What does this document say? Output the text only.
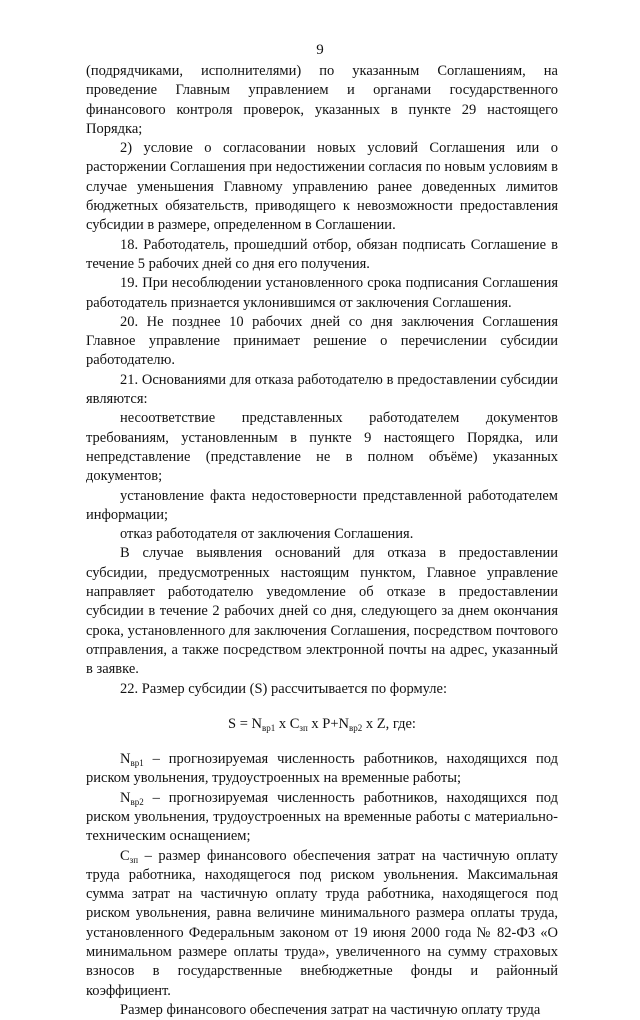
9

(подрядчиками, исполнителями) по указанным Соглашениям, на проведение Главным управлением и органами государственного финансового контроля проверок, указанных в пункте 29 настоящего Порядка;

2) условие о согласовании новых условий Соглашения или о расторжении Соглашения при недостижении согласия по новым условиям в случае уменьшения Главному управлению ранее доведенных лимитов бюджетных обязательств, приводящего к невозможности предоставления субсидии в размере, определенном в Соглашении.

18. Работодатель, прошедший отбор, обязан подписать Соглашение в течение 5 рабочих дней со дня его получения.

19. При несоблюдении установленного срока подписания Соглашения работодатель признается уклонившимся от заключения Соглашения.

20. Не позднее 10 рабочих дней со дня заключения Соглашения Главное управление принимает решение о перечислении субсидии работодателю.

21. Основаниями для отказа работодателю в предоставлении субсидии являются:

несоответствие представленных работодателем документов требованиям, установленным в пункте 9 настоящего Порядка, или непредставление (представление не в полном объёме) указанных документов;

установление факта недостоверности представленной работодателем информации;

отказ работодателя от заключения Соглашения.

В случае выявления оснований для отказа в предоставлении субсидии, предусмотренных настоящим пунктом, Главное управление направляет работодателю уведомление об отказе в предоставлении субсидии в течение 2 рабочих дней со дня, следующего за днем окончания срока, установленного для заключения Соглашения, посредством почтового отправления, а также посредством электронной почты на адрес, указанный в заявке.

22. Размер субсидии (S) рассчитывается по формуле:

$S = N_{вр1}$ x $C_{зп}$ x $P+N_{вр2}$ x Z, где:

$N_{вр1}$ – прогнозируемая численность работников, находящихся под риском увольнения, трудоустроенных на временные работы;

$N_{вр2}$ – прогнозируемая численность работников, находящихся под риском увольнения, трудоустроенных на временные работы с материально-техническим оснащением;

$C_{зп}$ – размер финансового обеспечения затрат на частичную оплату труда работника, находящегося под риском увольнения. Максимальная сумма затрат на частичную оплату труда работника, находящегося под риском увольнения, равна величине минимального размера оплаты труда, установленного Федеральным законом от 19 июня 2000 года № 82-ФЗ «О минимальном размере оплаты труда», увеличенного на сумму страховых взносов в государственные внебюджетные фонды и районный коэффициент.

Размер финансового обеспечения затрат на частичную оплату труда
